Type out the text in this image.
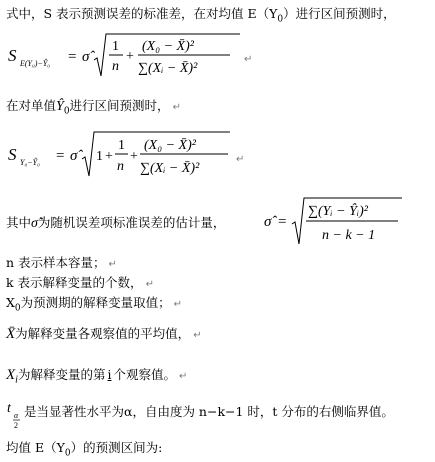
式中，S 表示预测误差的标准差，在对均值 $E(Y_0)$进行区间预测时，
S E(Y₀)−Ŷ₀ = σ̂
1
n
+
(X₀ − X̄)²
∑(Xᵢ − X̄)²
↵
在对单值$Ŷ_0$进行区间预测时， ↵
S Y₀−Ŷ₀ = σ̂	1 +
1
n
+
(X₀ − X̄)²
∑(Xᵢ − X̄)²
↵
其中σ̂为随机误差项标准误差的估计量，	σ̂ =
∑(Yᵢ − Ŷᵢ)²
n − k − 1
n 表示样本容量； ↵
k 表示解释变量的个数， ↵
$X_0$为预测期的解释变量取值； ↵
X̄为解释变量各观察值的平均值， ↵
$X_i$为解释变量的第 i 个观察值。 ↵
t α
2
是当显著性水平为α，自由度为 n−k−1 时，t 分布的右侧临界值。
均值 $E(Y_0)$的预测区间为:
